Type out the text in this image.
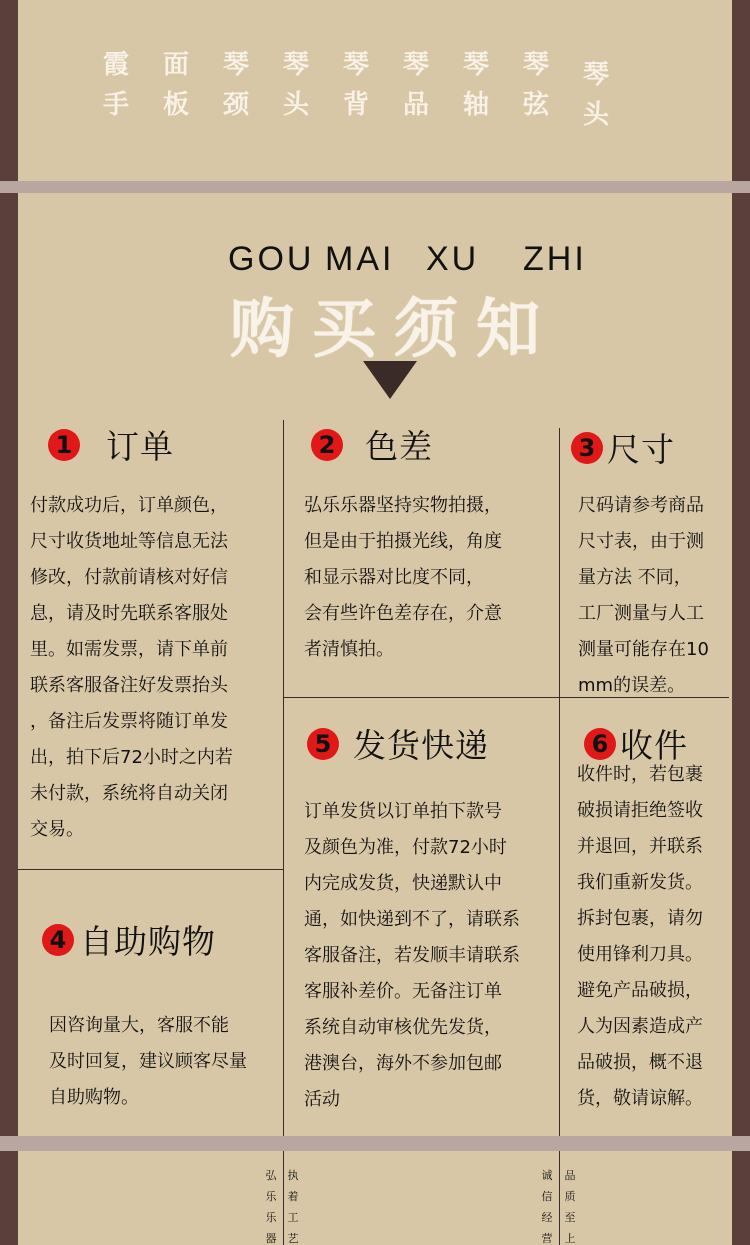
霞
手
面
板
琴
颈
琴
头
琴
背
琴
品
琴
轴
琴
弦
琴
头
GOU MAI XU ZHI
购买须知
1 订单
付款成功后，订单颜色，
尺寸收货地址等信息无法
修改，付款前请核对好信
息，请及时先联系客服处
里。如需发票，请下单前
联系客服备注好发票抬头
，备注后发票将随订单发
出，拍下后72小时之内若
未付款，系统将自动关闭
交易。
2 色差
弘乐乐器坚持实物拍摄，
但是由于拍摄光线，角度
和显示器对比度不同，
会有些许色差存在，介意
者清慎拍。
3 尺寸
尺码请参考商品
尺寸表，由于测
量方法 不同，
工厂测量与人工
测量可能存在10
mm的误差。
4 自助购物
因咨询量大，客服不能
及时回复，建议顾客尽量
自助购物。
5 发货快递
订单发货以订单拍下款号
及颜色为准，付款72小时
内完成发货，快递默认中
通，如快递到不了，请联系
客服备注，若发顺丰请联系
客服补差价。无备注订单
系统自动审核优先发货，
港澳台，海外不参加包邮
活动
6 收件
收件时，若包裹
破损请拒绝签收
并退回，并联系
我们重新发货。
拆封包裹，请勿
使用锋利刀具。
避免产品破损，
人为因素造成产
品破损，概不退
货，敬请谅解。
弘
乐
乐
器
执
着
工
艺
诚
信
经
营
品
质
至
上
